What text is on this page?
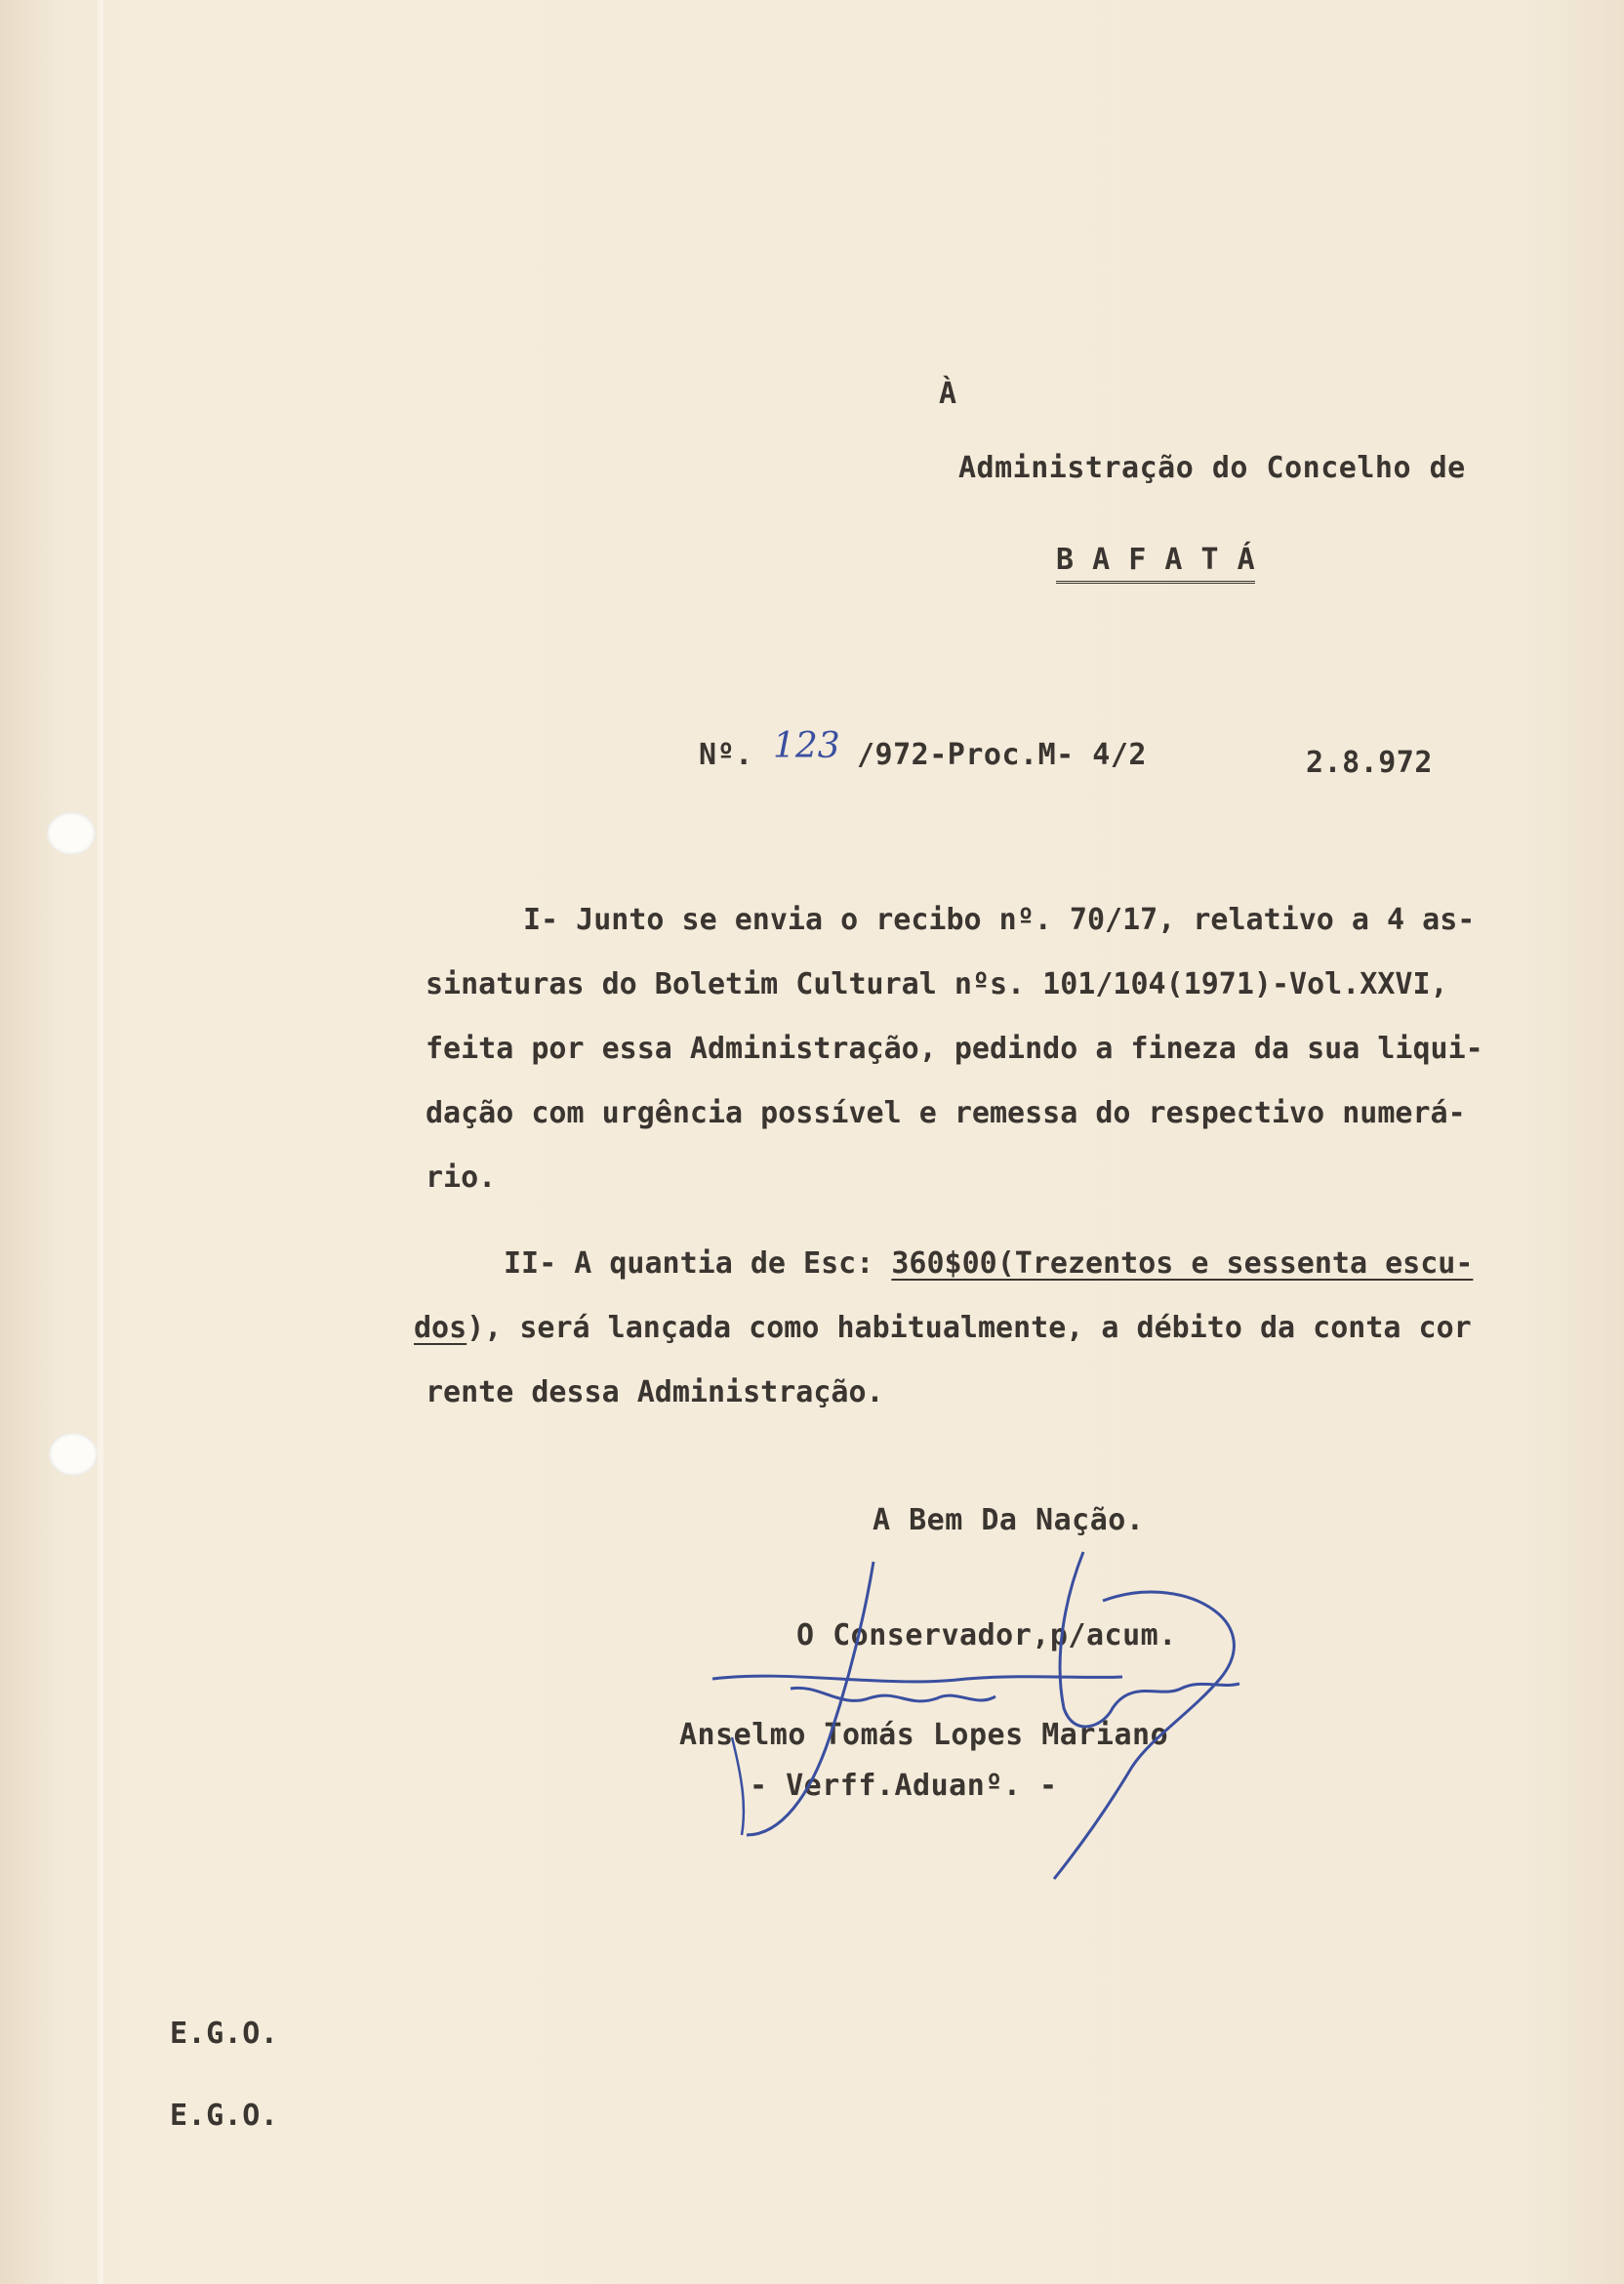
À
Administração do Concelho de
B A F A T Á
Nº. 123 /972-Proc.M- 4/2	2.8.972
I- Junto se envia o recibo nº. 70/17, relativo a 4 as-
sinaturas do Boletim Cultural nºs. 101/104(1971)-Vol.XXVI,
feita por essa Administração, pedindo a fineza da sua liqui-
dação com urgência possível e remessa do respectivo numerá-
rio.
II- A quantia de Esc: 360$00(Trezentos e sessenta escu-
dos), será lançada como habitualmente, a débito da conta cor
rente dessa Administração.
A Bem Da Nação.
O Conservador,p/acum.
Anselmo Tomás Lopes Mariano
- Verff.Aduanº. -
E.G.O.
E.G.O.
